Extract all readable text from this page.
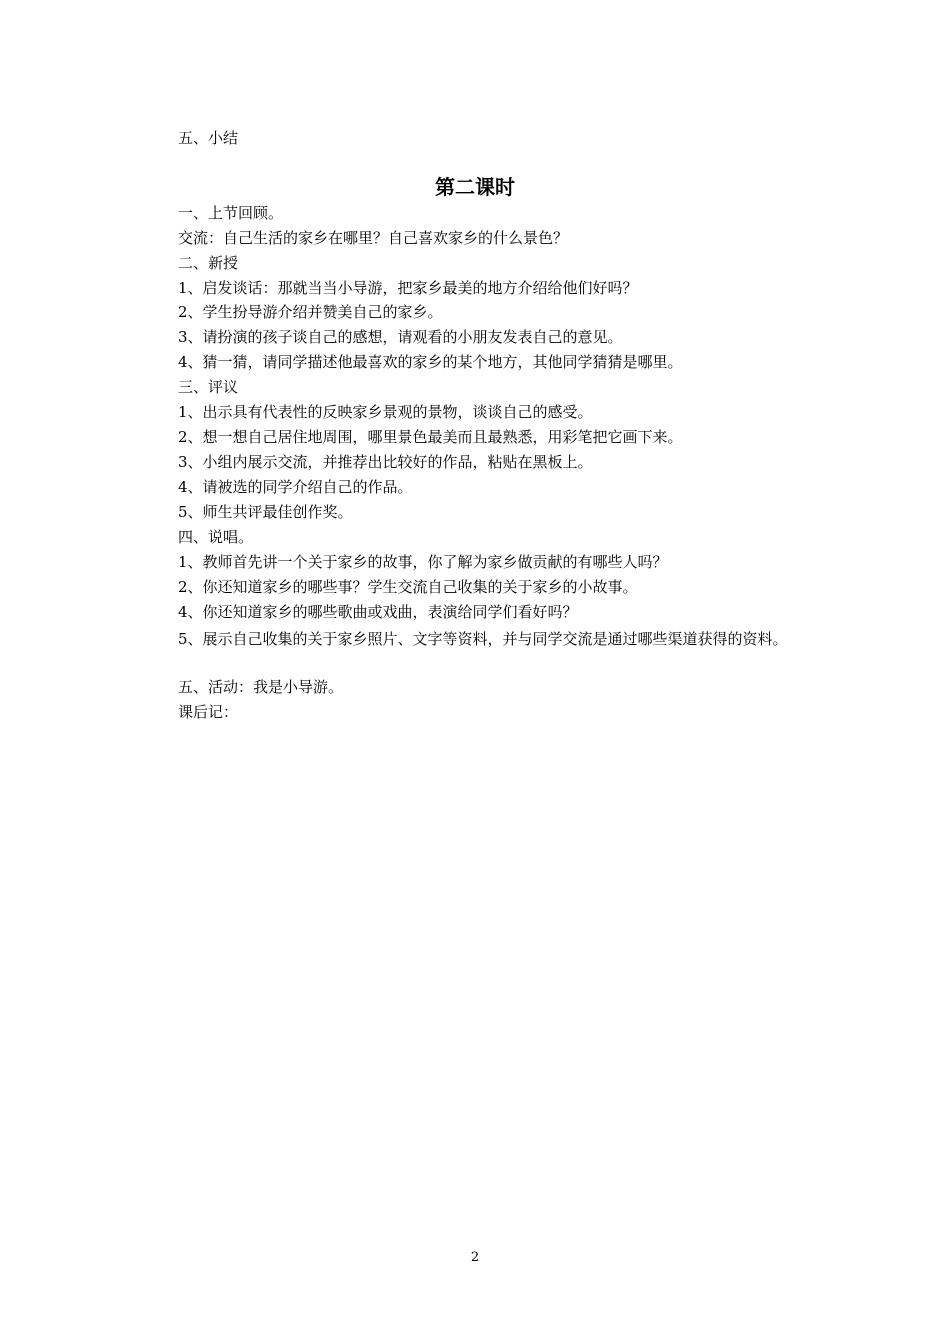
五、小结
第二课时
一、上节回顾。
交流：自己生活的家乡在哪里？自己喜欢家乡的什么景色？
二、新授
1、启发谈话：那就当当小导游，把家乡最美的地方介绍给他们好吗？
2、学生扮导游介绍并赞美自己的家乡。
3、请扮演的孩子谈自己的感想，请观看的小朋友发表自己的意见。
4、猜一猜，请同学描述他最喜欢的家乡的某个地方，其他同学猜猜是哪里。
三、评议
1、出示具有代表性的反映家乡景观的景物，谈谈自己的感受。
2、想一想自己居住地周围，哪里景色最美而且最熟悉，用彩笔把它画下来。
3、小组内展示交流，并推荐出比较好的作品，粘贴在黑板上。
4、请被选的同学介绍自己的作品。
5、师生共评最佳创作奖。
四、说唱。
1、教师首先讲一个关于家乡的故事，你了解为家乡做贡献的有哪些人吗？
2、你还知道家乡的哪些事？学生交流自己收集的关于家乡的小故事。
4、你还知道家乡的哪些歌曲或戏曲，表演给同学们看好吗？
5、展示自己收集的关于家乡照片、文字等资料，并与同学交流是通过哪些渠道获得的资料。
五、活动：我是小导游。
课后记：
2
